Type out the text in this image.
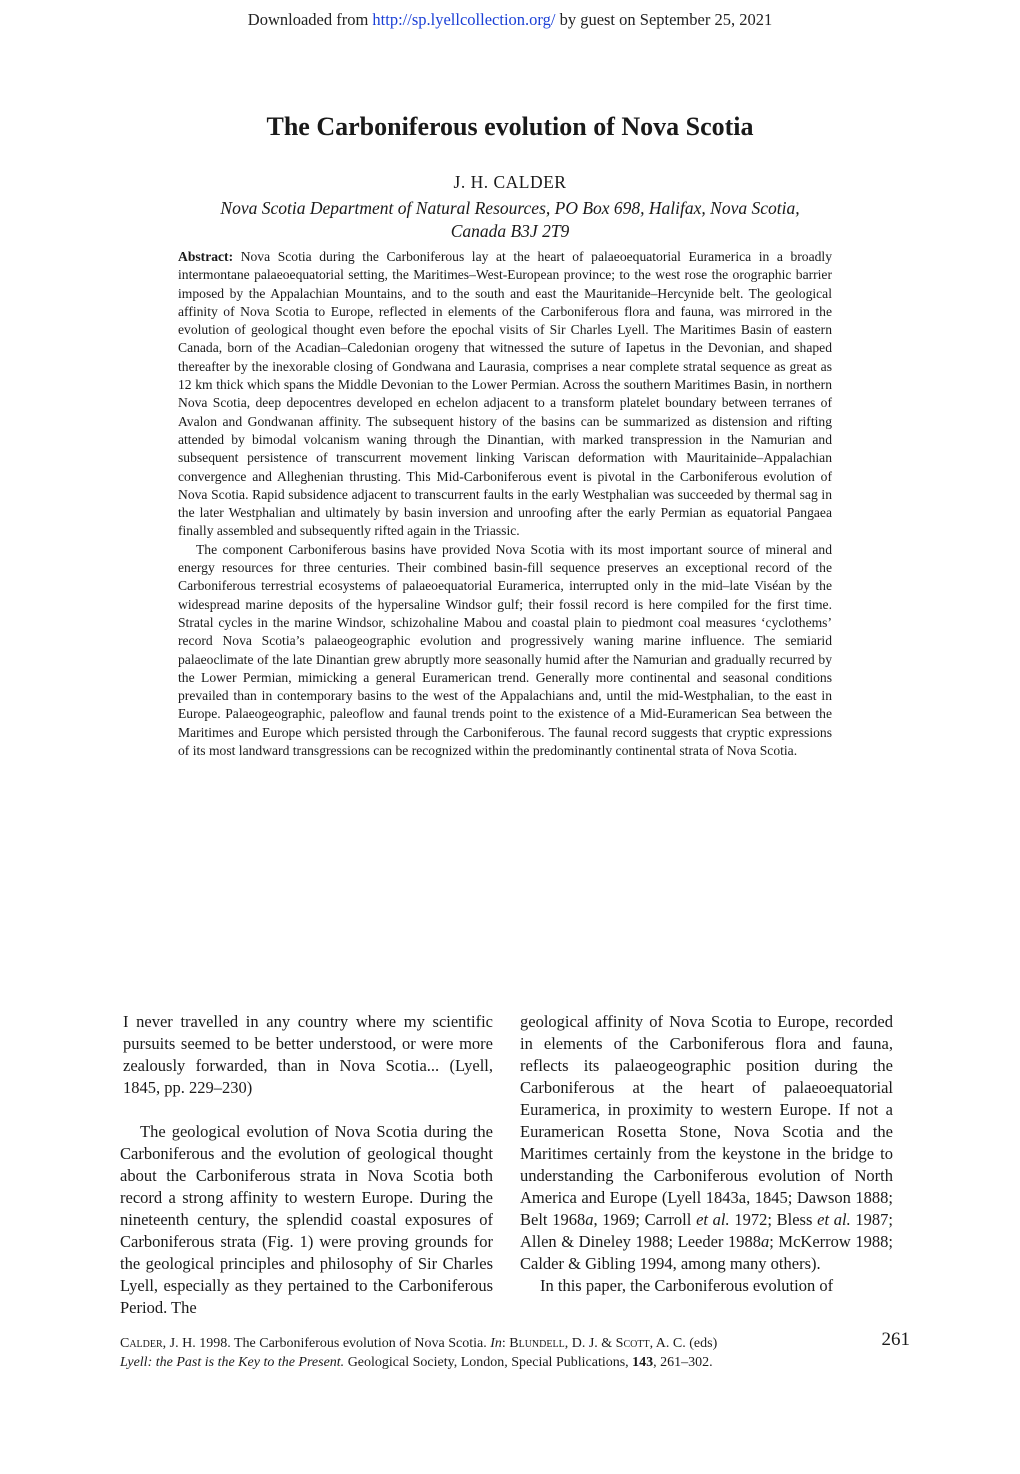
Downloaded from http://sp.lyellcollection.org/ by guest on September 25, 2021
The Carboniferous evolution of Nova Scotia
J. H. CALDER
Nova Scotia Department of Natural Resources, PO Box 698, Halifax, Nova Scotia,
Canada B3J 2T9

Abstract: Nova Scotia during the Carboniferous lay at the heart of palaeoequatorial Euramerica in a broadly intermontane palaeoequatorial setting, the Maritimes–West-European province; to the west rose the orographic barrier imposed by the Appalachian Mountains, and to the south and east the Mauritanide–Hercynide belt. The geological affinity of Nova Scotia to Europe, reflected in elements of the Carboniferous flora and fauna, was mirrored in the evolution of geological thought even before the epochal visits of Sir Charles Lyell. The Maritimes Basin of eastern Canada, born of the Acadian–Caledonian orogeny that witnessed the suture of Iapetus in the Devonian, and shaped thereafter by the inexorable closing of Gondwana and Laurasia, comprises a near complete stratal sequence as great as 12 km thick which spans the Middle Devonian to the Lower Permian. Across the southern Maritimes Basin, in northern Nova Scotia, deep depocentres developed en echelon adjacent to a transform platelet boundary between terranes of Avalon and Gondwanan affinity. The subsequent history of the basins can be summarized as distension and rifting attended by bimodal volcanism waning through the Dinantian, with marked transpression in the Namurian and subsequent persistence of transcurrent movement linking Variscan deformation with Mauritainide–Appalachian convergence and Alleghenian thrusting. This Mid-Carboniferous event is pivotal in the Carboniferous evolution of Nova Scotia. Rapid subsidence adjacent to transcurrent faults in the early Westphalian was succeeded by thermal sag in the later Westphalian and ultimately by basin inversion and unroofing after the early Permian as equatorial Pangaea finally assembled and subsequently rifted again in the Triassic.

The component Carboniferous basins have provided Nova Scotia with its most important source of mineral and energy resources for three centuries. Their combined basin-fill sequence preserves an exceptional record of the Carboniferous terrestrial ecosystems of palaeoequatorial Euramerica, interrupted only in the mid–late Viséan by the widespread marine deposits of the hypersaline Windsor gulf; their fossil record is here compiled for the first time. Stratal cycles in the marine Windsor, schizohaline Mabou and coastal plain to piedmont coal measures ‘cyclothems’ record Nova Scotia’s palaeogeographic evolution and progressively waning marine influence. The semiarid palaeoclimate of the late Dinantian grew abruptly more seasonally humid after the Namurian and gradually recurred by the Lower Permian, mimicking a general Euramerican trend. Generally more continental and seasonal conditions prevailed than in contemporary basins to the west of the Appalachians and, until the mid-Westphalian, to the east in Europe. Palaeogeographic, paleoflow and faunal trends point to the existence of a Mid-Euramerican Sea between the Maritimes and Europe which persisted through the Carboniferous. The faunal record suggests that cryptic expressions of its most landward transgressions can be recognized within the predominantly continental strata of Nova Scotia.

I never travelled in any country where my scientific pursuits seemed to be better understood, or were more zealously forwarded, than in Nova Scotia... (Lyell, 1845, pp. 229–230)

The geological evolution of Nova Scotia during the Carboniferous and the evolution of geological thought about the Carboniferous strata in Nova Scotia both record a strong affinity to western Europe. During the nineteenth century, the splendid coastal exposures of Carboniferous strata (Fig. 1) were proving grounds for the geological principles and philosophy of Sir Charles Lyell, especially as they pertained to the Carboniferous Period. The

geological affinity of Nova Scotia to Europe, recorded in elements of the Carboniferous flora and fauna, reflects its palaeogeographic position during the Carboniferous at the heart of palaeoequatorial Euramerica, in proximity to western Europe. If not a Euramerican Rosetta Stone, Nova Scotia and the Maritimes certainly from the keystone in the bridge to understanding the Carboniferous evolution of North America and Europe (Lyell 1843a, 1845; Dawson 1888; Belt 1968a, 1969; Carroll et al. 1972; Bless et al. 1987; Allen & Dineley 1988; Leeder 1988a; McKerrow 1988; Calder & Gibling 1994, among many others).

In this paper, the Carboniferous evolution of

Calder, J. H. 1998. The Carboniferous evolution of Nova Scotia. In: Blundell, D. J. & Scott, A. C. (eds)
Lyell: the Past is the Key to the Present. Geological Society, London, Special Publications, 143, 261–302.
261
